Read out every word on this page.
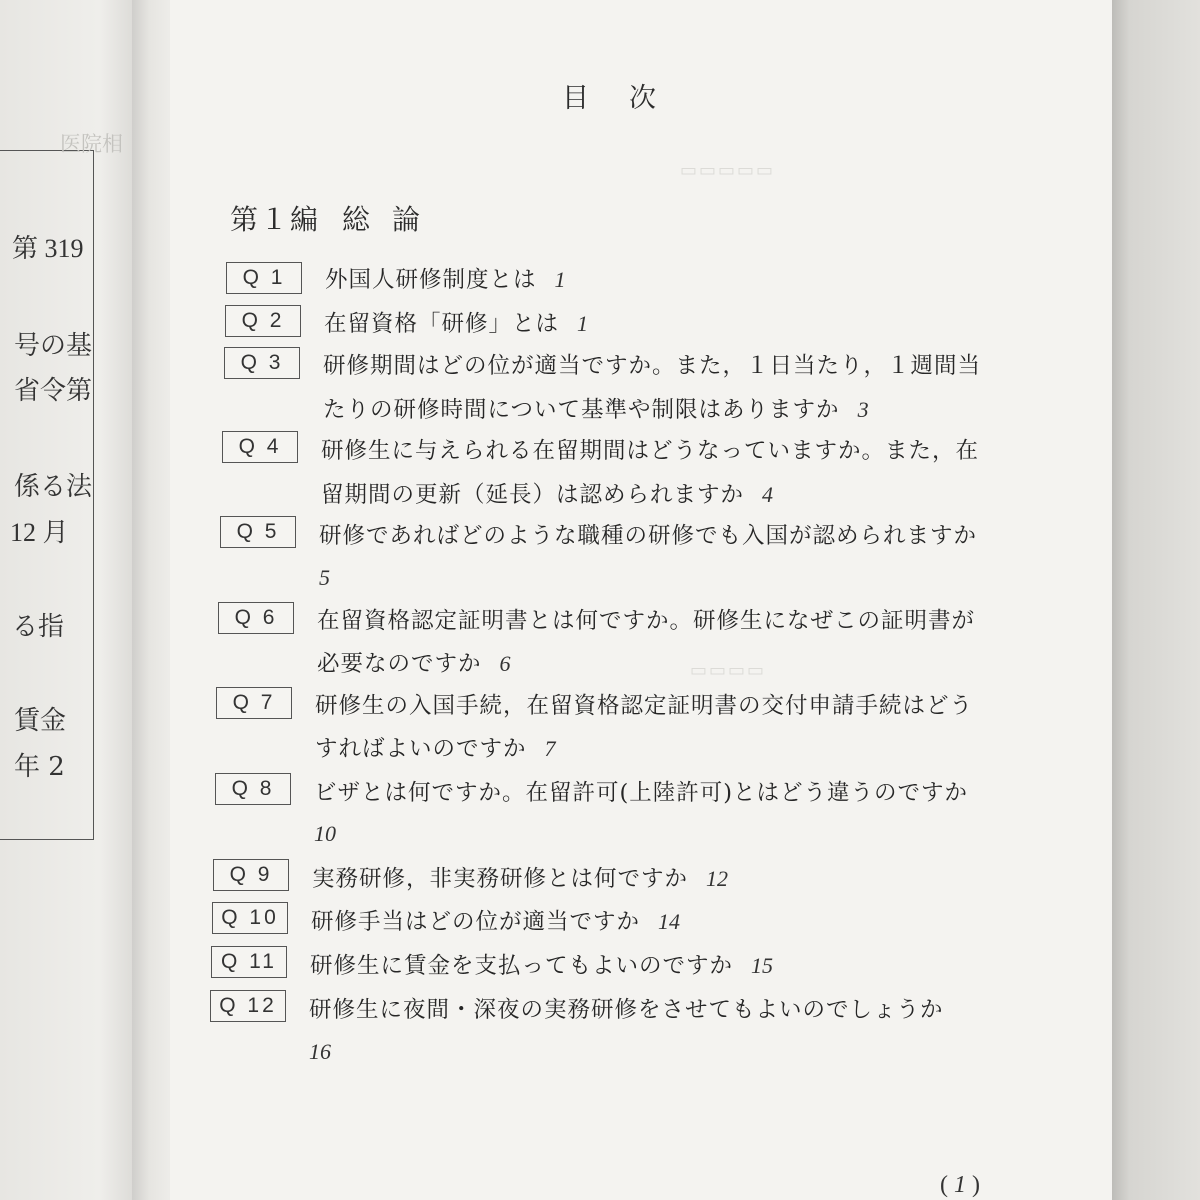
医院相
第 319
号の基
省令第
係る法
12 月
る指
賃金
年 2
▭▭▭▭▭
▭▭▭▭
目次
第１編 総論
Q 1	外国人研修制度とは 1
Q 2	在留資格「研修」とは 1
Q 3	研修期間はどの位が適当ですか。また，１日当たり，１週間当
たりの研修時間について基準や制限はありますか 3
Q 4	研修生に与えられる在留期間はどうなっていますか。また，在
留期間の更新（延長）は認められますか 4
Q 5	研修であればどのような職種の研修でも入国が認められますか
5
Q 6	在留資格認定証明書とは何ですか。研修生になぜこの証明書が
必要なのですか 6
Q 7	研修生の入国手続，在留資格認定証明書の交付申請手続はどう
すればよいのですか 7
Q 8	ビザとは何ですか。在留許可(上陸許可)とはどう違うのですか
10
Q 9	実務研修，非実務研修とは何ですか 12
Q 10	研修手当はどの位が適当ですか 14
Q 11	研修生に賃金を支払ってもよいのですか 15
Q 12	研修生に夜間・深夜の実務研修をさせてもよいのでしょうか
16
( 1 )
